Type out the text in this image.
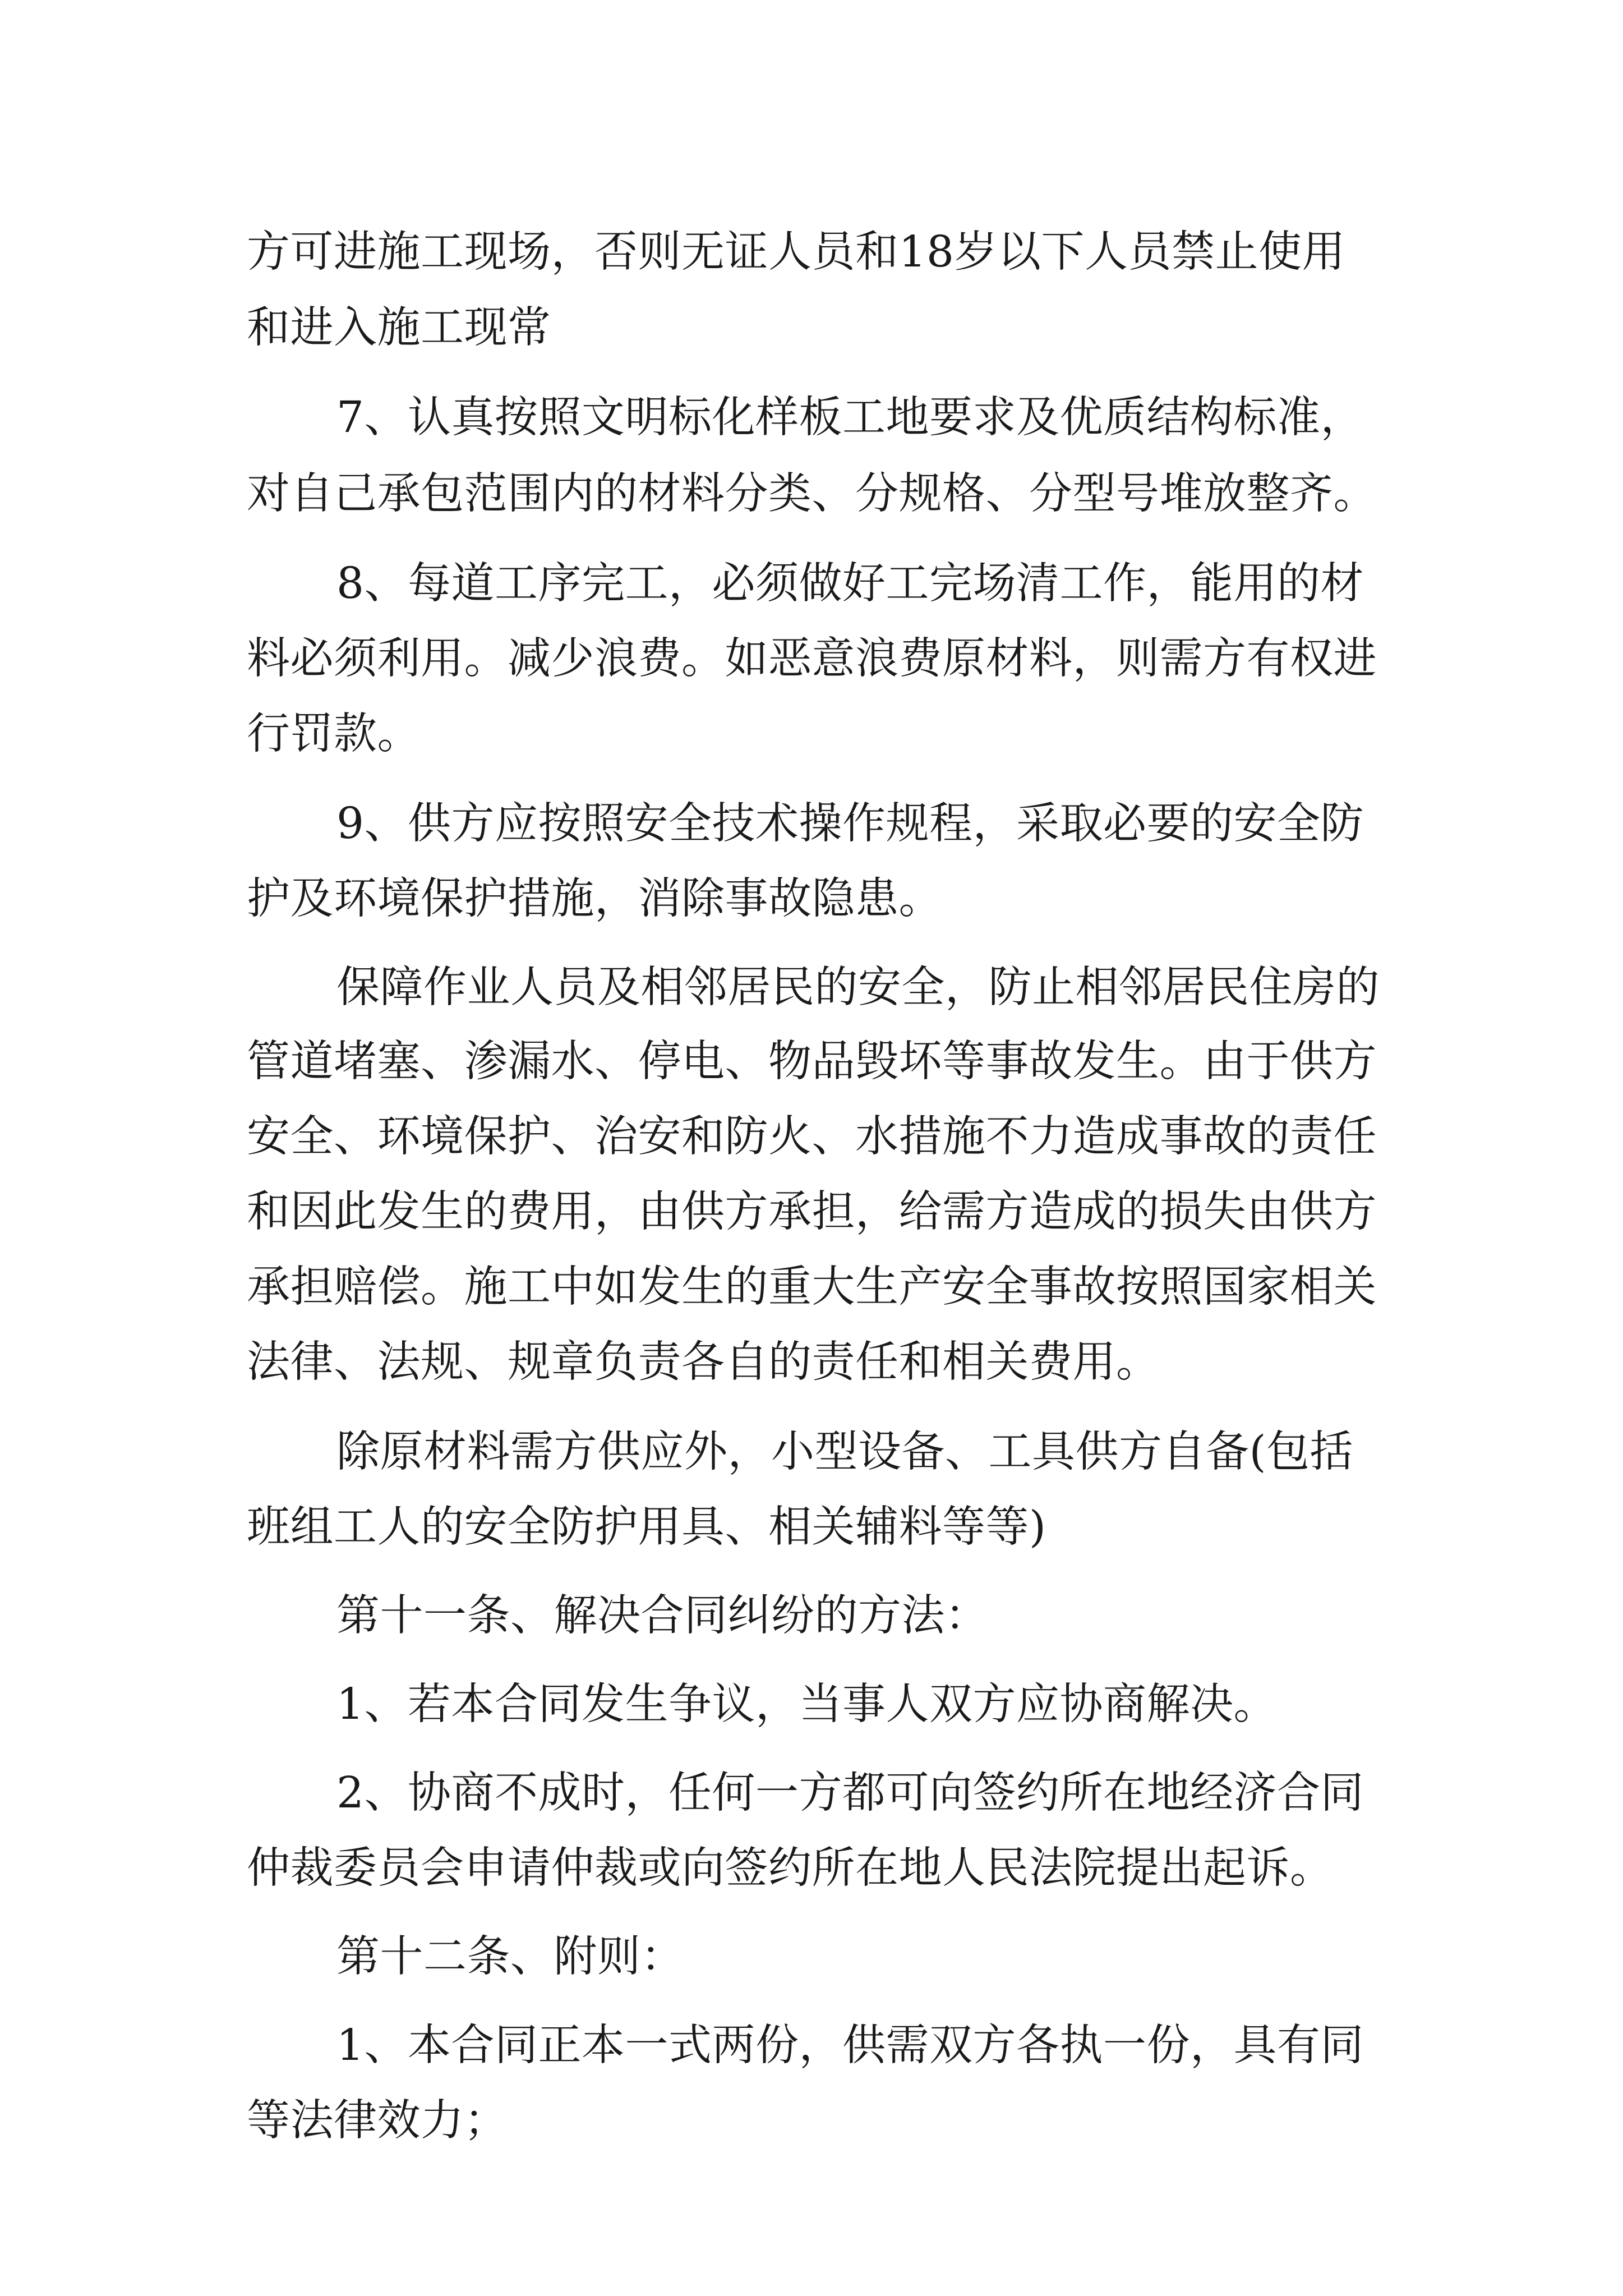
方可进施工现场，否则无证人员和18岁以下人员禁止使用

和进入施工现常

7、认真按照文明标化样板工地要求及优质结构标准，

对自己承包范围内的材料分类、分规格、分型号堆放整齐。

8、每道工序完工，必须做好工完场清工作，能用的材

料必须利用。减少浪费。如恶意浪费原材料，则需方有权进

行罚款。

9、供方应按照安全技术操作规程，采取必要的安全防

护及环境保护措施，消除事故隐患。

保障作业人员及相邻居民的安全，防止相邻居民住房的

管道堵塞、渗漏水、停电、物品毁坏等事故发生。由于供方

安全、环境保护、治安和防火、水措施不力造成事故的责任

和因此发生的费用，由供方承担，给需方造成的损失由供方

承担赔偿。施工中如发生的重大生产安全事故按照国家相关

法律、法规、规章负责各自的责任和相关费用。

除原材料需方供应外，小型设备、工具供方自备(包括

班组工人的安全防护用具、相关辅料等等)

第十一条、解决合同纠纷的方法：

1、若本合同发生争议，当事人双方应协商解决。

2、协商不成时，任何一方都可向签约所在地经济合同

仲裁委员会申请仲裁或向签约所在地人民法院提出起诉。

第十二条、附则：

1、本合同正本一式两份，供需双方各执一份，具有同

等法律效力；
